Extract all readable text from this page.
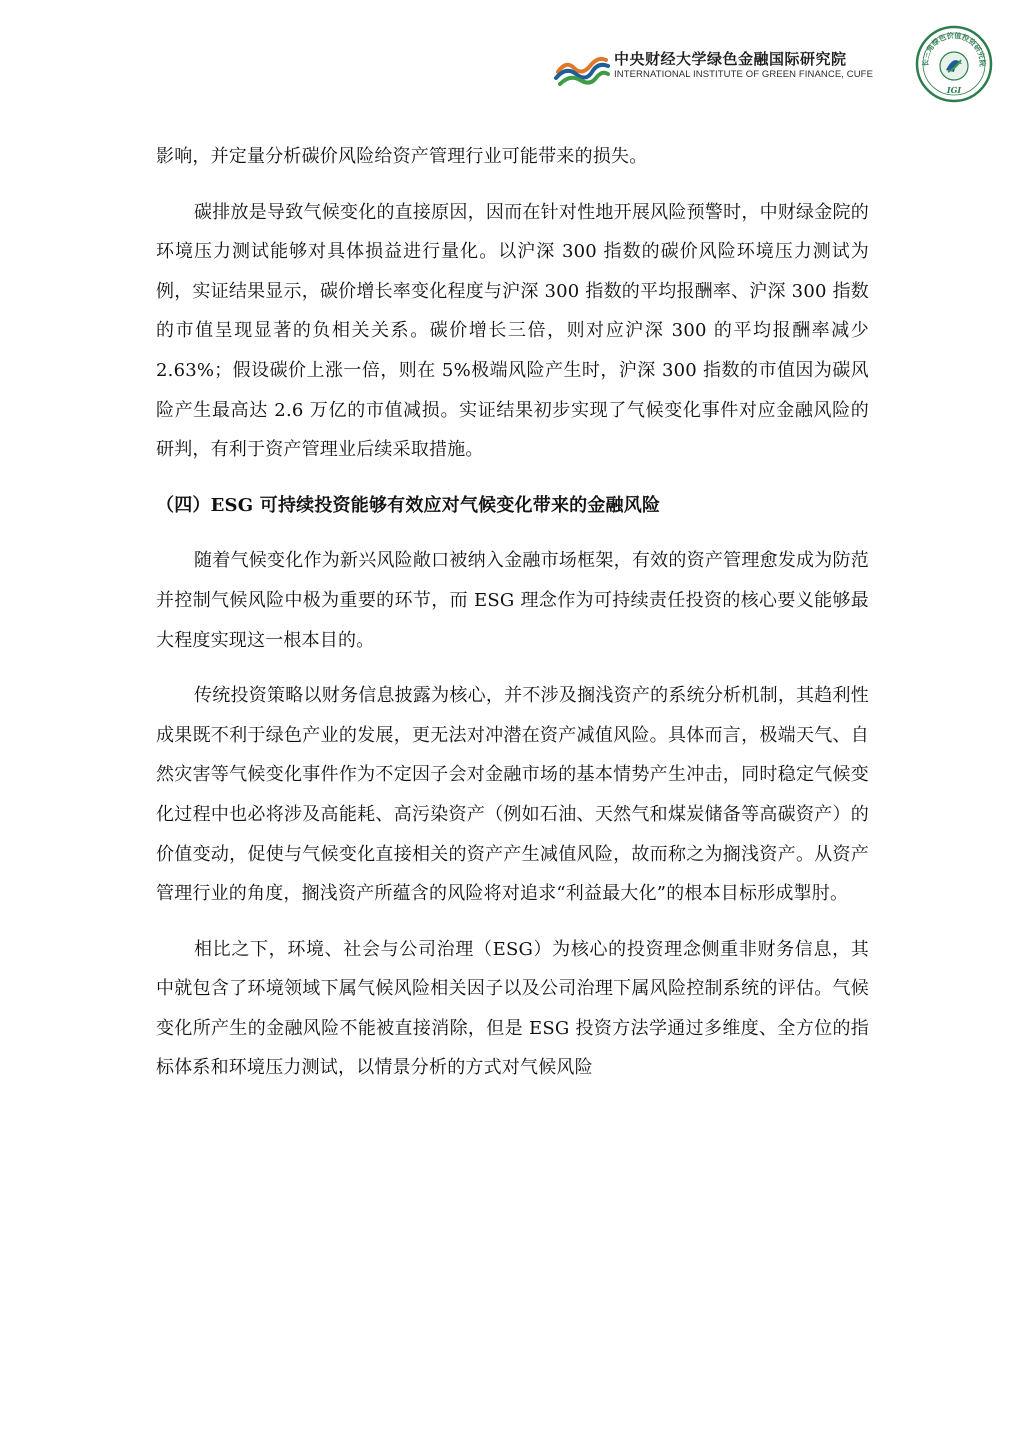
中央财经大学绿色金融国际研究院
INTERNATIONAL INSTITUTE OF GREEN FINANCE, CUFE
长三角绿色价值投资研究院
IGI

影响，并定量分析碳价风险给资产管理行业可能带来的损失。

碳排放是导致气候变化的直接原因，因而在针对性地开展风险预警时，中财绿金院的环境压力测试能够对具体损益进行量化。以沪深 300 指数的碳价风险环境压力测试为例，实证结果显示，碳价增长率变化程度与沪深 300 指数的平均报酬率、沪深 300 指数的市值呈现显著的负相关关系。碳价增长三倍，则对应沪深 300 的平均报酬率减少 2.63%；假设碳价上涨一倍，则在 5%极端风险产生时，沪深 300 指数的市值因为碳风险产生最高达 2.6 万亿的市值减损。实证结果初步实现了气候变化事件对应金融风险的研判，有利于资产管理业后续采取措施。

（四）ESG 可持续投资能够有效应对气候变化带来的金融风险

随着气候变化作为新兴风险敞口被纳入金融市场框架，有效的资产管理愈发成为防范并控制气候风险中极为重要的环节，而 ESG 理念作为可持续责任投资的核心要义能够最大程度实现这一根本目的。

传统投资策略以财务信息披露为核心，并不涉及搁浅资产的系统分析机制，其趋利性成果既不利于绿色产业的发展，更无法对冲潜在资产减值风险。具体而言，极端天气、自然灾害等气候变化事件作为不定因子会对金融市场的基本情势产生冲击，同时稳定气候变化过程中也必将涉及高能耗、高污染资产（例如石油、天然气和煤炭储备等高碳资产）的价值变动，促使与气候变化直接相关的资产产生减值风险，故而称之为搁浅资产。从资产管理行业的角度，搁浅资产所蕴含的风险将对追求“利益最大化”的根本目标形成掣肘。

相比之下，环境、社会与公司治理（ESG）为核心的投资理念侧重非财务信息，其中就包含了环境领域下属气候风险相关因子以及公司治理下属风险控制系统的评估。气候变化所产生的金融风险不能被直接消除，但是 ESG 投资方法学通过多维度、全方位的指标体系和环境压力测试，以情景分析的方式对气候风险
